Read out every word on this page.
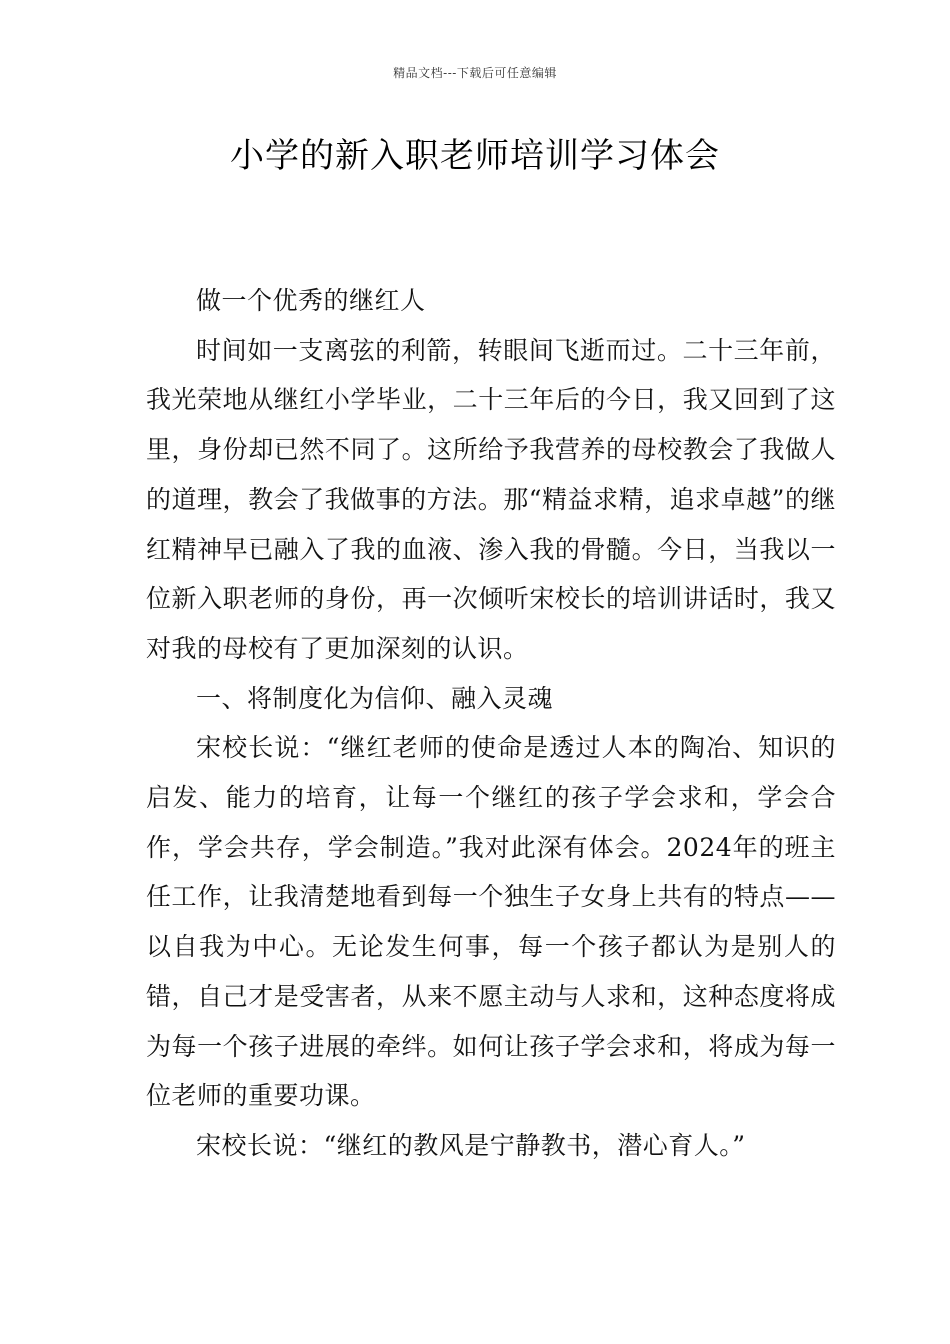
精品文档---下载后可任意编辑
小学的新入职老师培训学习体会

做一个优秀的继红人

时间如一支离弦的利箭，转眼间飞逝而过。二十三年前，我光荣地从继红小学毕业，二十三年后的今日，我又回到了这里，身份却已然不同了。这所给予我营养的母校教会了我做人的道理，教会了我做事的方法。那“精益求精，追求卓越”的继红精神早已融入了我的血液、渗入我的骨髓。今日，当我以一位新入职老师的身份，再一次倾听宋校长的培训讲话时，我又对我的母校有了更加深刻的认识。

一、将制度化为信仰、融入灵魂

宋校长说：“继红老师的使命是透过人本的陶冶、知识的启发、能力的培育，让每一个继红的孩子学会求和，学会合作，学会共存，学会制造。”我对此深有体会。2024年的班主任工作，让我清楚地看到每一个独生子女身上共有的特点——以自我为中心。无论发生何事，每一个孩子都认为是别人的错，自己才是受害者，从来不愿主动与人求和，这种态度将成为每一个孩子进展的牵绊。如何让孩子学会求和，将成为每一位老师的重要功课。

宋校长说：“继红的教风是宁静教书，潜心育人。”
